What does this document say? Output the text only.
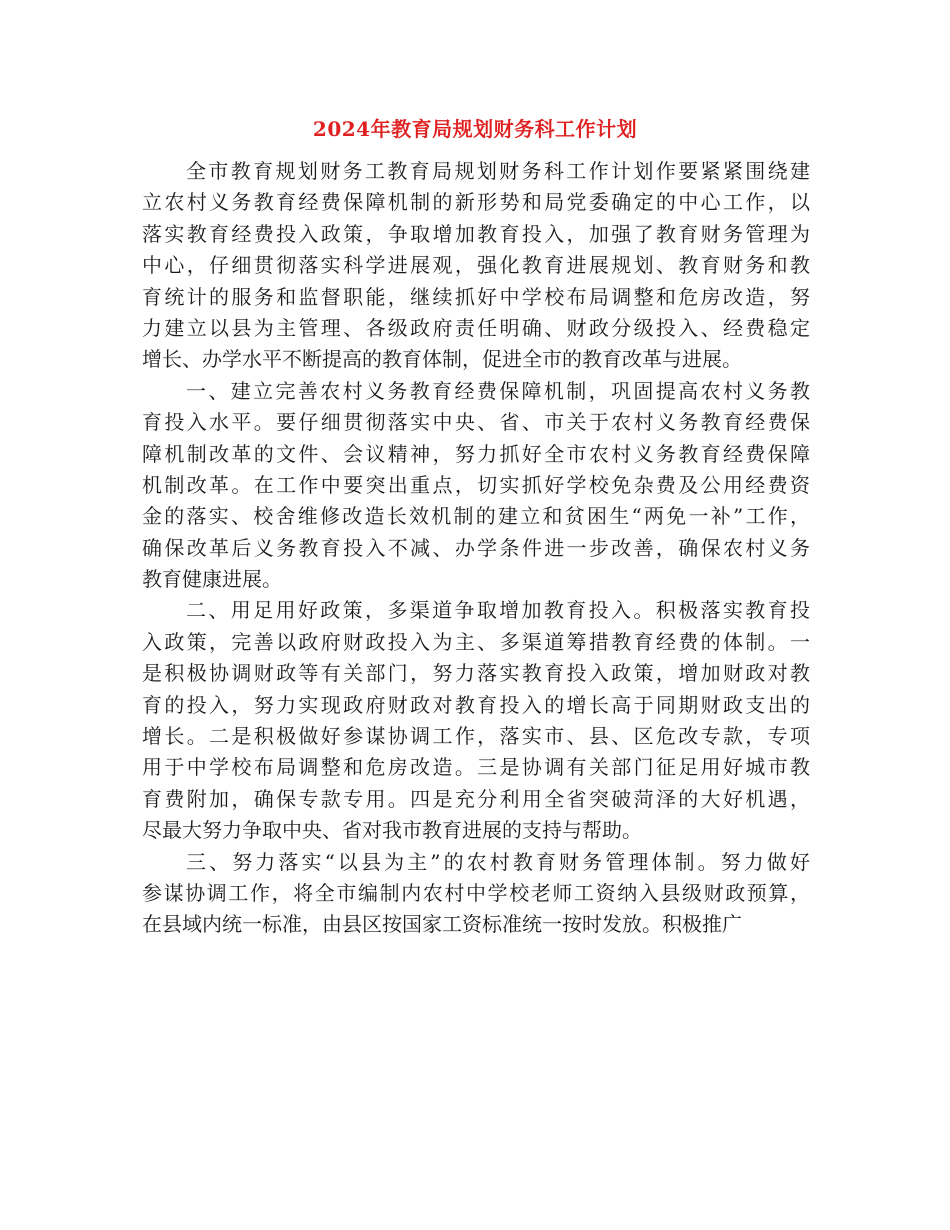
2024年教育局规划财务科工作计划
全市教育规划财务工教育局规划财务科工作计划作要紧紧围绕建
立农村义务教育经费保障机制的新形势和局党委确定的中心工作，以
落实教育经费投入政策，争取增加教育投入，加强了教育财务管理为
中心，仔细贯彻落实科学进展观，强化教育进展规划、教育财务和教
育统计的服务和监督职能，继续抓好中学校布局调整和危房改造，努
力建立以县为主管理、各级政府责任明确、财政分级投入、经费稳定
增长、办学水平不断提高的教育体制，促进全市的教育改革与进展。
一、建立完善农村义务教育经费保障机制，巩固提高农村义务教
育投入水平。要仔细贯彻落实中央、省、市关于农村义务教育经费保
障机制改革的文件、会议精神，努力抓好全市农村义务教育经费保障
机制改革。在工作中要突出重点，切实抓好学校免杂费及公用经费资
金的落实、校舍维修改造长效机制的建立和贫困生“两免一补”工作，
确保改革后义务教育投入不减、办学条件进一步改善，确保农村义务
教育健康进展。
二、用足用好政策，多渠道争取增加教育投入。积极落实教育投
入政策，完善以政府财政投入为主、多渠道筹措教育经费的体制。一
是积极协调财政等有关部门，努力落实教育投入政策，增加财政对教
育的投入，努力实现政府财政对教育投入的增长高于同期财政支出的
增长。二是积极做好参谋协调工作，落实市、县、区危改专款，专项
用于中学校布局调整和危房改造。三是协调有关部门征足用好城市教
育费附加，确保专款专用。四是充分利用全省突破菏泽的大好机遇，
尽最大努力争取中央、省对我市教育进展的支持与帮助。
三、努力落实“以县为主”的农村教育财务管理体制。努力做好
参谋协调工作，将全市编制内农村中学校老师工资纳入县级财政预算，
在县域内统一标准，由县区按国家工资标准统一按时发放。积极推广
